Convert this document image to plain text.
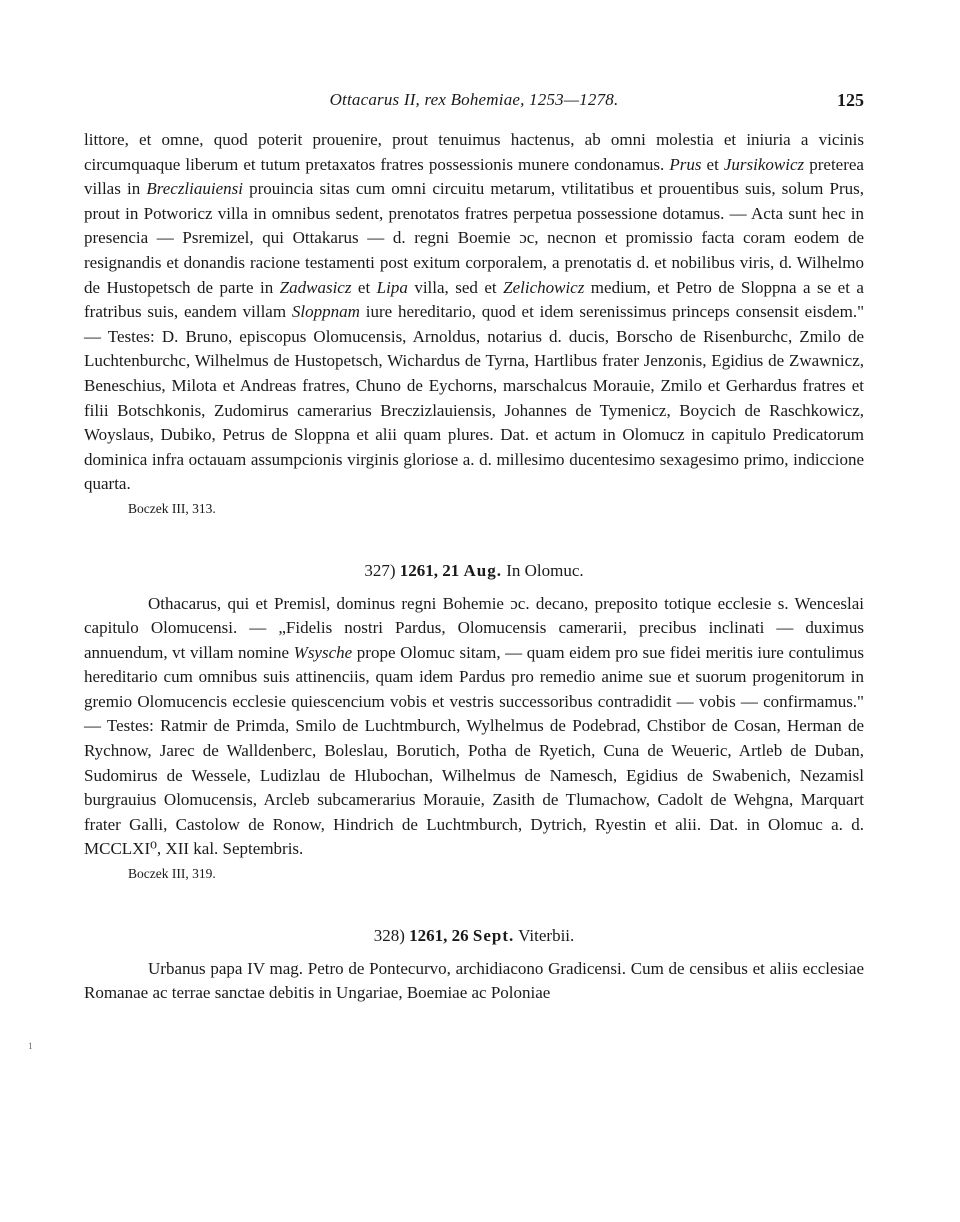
Ottacarus II, rex Bohemiae, 1253—1278.	125

littore, et omne, quod poterit prouenire, prout tenuimus hactenus, ab omni molestia et iniuria a vicinis circumquaque liberum et tutum pretaxatos fratres possessionis munere condonamus. Prus et Jursikowicz preterea villas in Breczliauiensi prouincia sitas cum omni circuitu metarum, vtilitatibus et prouentibus suis, solum Prus, prout in Potworicz villa in omnibus sedent, prenotatos fratres perpetua possessione dotamus. — Acta sunt hec in presencia — Psremizel, qui Ottakarus — d. regni Boemie ɔc, necnon et promissio facta coram eodem de resignandis et donandis racione testamenti post exitum corporalem, a prenotatis d. et nobilibus viris, d. Wilhelmo de Hustopetsch de parte in Zadwasicz et Lipa villa, sed et Zelichowicz medium, et Petro de Sloppna a se et a fratribus suis, eandem villam Sloppnam iure hereditario, quod et idem serenissimus princeps consensit eisdem." — Testes: D. Bruno, episcopus Olomucensis, Arnoldus, notarius d. ducis, Borscho de Risenburchc, Zmilo de Luchtenburchc, Wilhelmus de Hustopetsch, Wichardus de Tyrna, Hartlibus frater Jenzonis, Egidius de Zwawnicz, Beneschius, Milota et Andreas fratres, Chuno de Eychorns, marschalcus Morauie, Zmilo et Gerhardus fratres et filii Botschkonis, Zudomirus camerarius Breczizlauiensis, Johannes de Tymenicz, Boycich de Raschkowicz, Woyslaus, Dubiko, Petrus de Sloppna et alii quam plures. Dat. et actum in Olomucz in capitulo Predicatorum dominica infra octauam assumpcionis virginis gloriose a. d. millesimo ducentesimo sexagesimo primo, indiccione quarta.

Boczek III, 313.
327) 1261, 21 Aug. In Olomuc.

Othacarus, qui et Premisl, dominus regni Bohemie ɔc. decano, preposito totique ecclesie s. Wenceslai capitulo Olomucensi. — „Fidelis nostri Pardus, Olomucensis camerarii, precibus inclinati — duximus annuendum, vt villam nomine Wsysche prope Olomuc sitam, — quam eidem pro sue fidei meritis iure contulimus hereditario cum omnibus suis attinenciis, quam idem Pardus pro remedio anime sue et suorum progenitorum in gremio Olomucencis ecclesie quiescencium vobis et vestris successoribus contradidit — vobis — confirmamus." — Testes: Ratmir de Primda, Smilo de Luchtmburch, Wylhelmus de Podebrad, Chstibor de Cosan, Herman de Rychnow, Jarec de Walldenberc, Boleslau, Borutich, Potha de Ryetich, Cuna de Weueric, Artleb de Duban, Sudomirus de Wessele, Ludizlau de Hlubochan, Wilhelmus de Namesch, Egidius de Swabenich, Nezamisl burgrauius Olomucensis, Arcleb subcamerarius Morauie, Zasith de Tlumachow, Cadolt de Wehgna, Marquart frater Galli, Castolow de Ronow, Hindrich de Luchtmburch, Dytrich, Ryestin et alii. Dat. in Olomuc a. d. MCCLXI⁰, XII kal. Septembris.

Boczek III, 319.
328) 1261, 26 Sept. Viterbii.

Urbanus papa IV mag. Petro de Pontecurvo, archidiacono Gradicensi. Cum de censibus et aliis ecclesiae Romanae ac terrae sanctae debitis in Ungariae, Boemiae ac Poloniae

1
